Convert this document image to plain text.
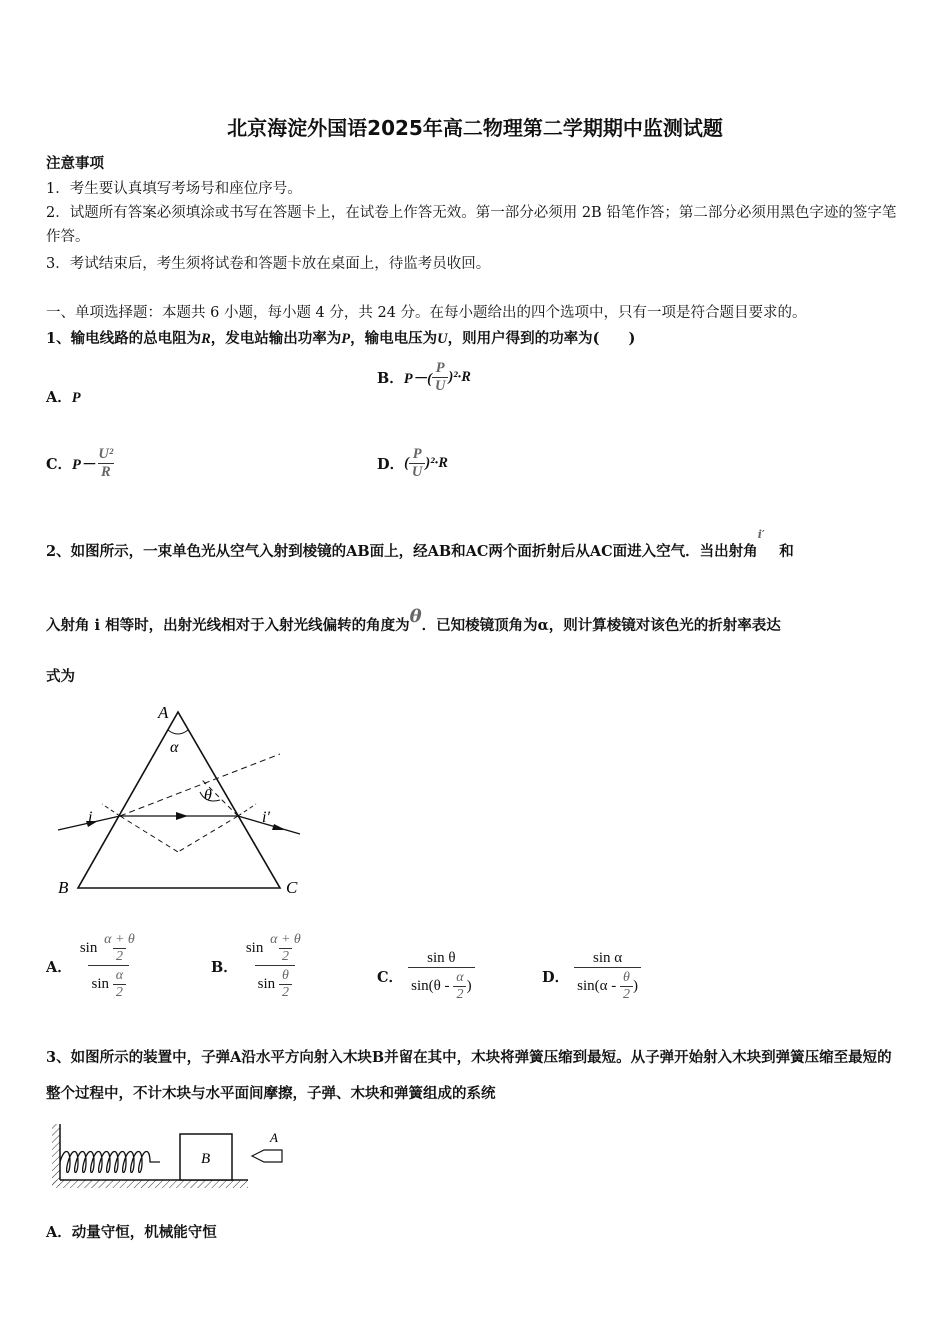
北京海淀外国语2025年高二物理第二学期期中监测试题
注意事项
1．考生要认真填写考场号和座位序号。
2．试题所有答案必须填涂或书写在答题卡上，在试卷上作答无效。第一部分必须用 2B 铅笔作答；第二部分必须用黑色字迹的签字笔作答。
3．考试结束后，考生须将试卷和答题卡放在桌面上，待监考员收回。
一、单项选择题：本题共 6 小题，每小题 4 分，共 24 分。在每小题给出的四个选项中，只有一项是符合题目要求的。
1、输电线路的总电阻为R，发电站输出功率为P，输电电压为U，则用户得到的功率为(　　)
A．P
B．$P-( \frac{P}{U} )^2\cdot R$
C．$P- \frac{\text{U²}}{R}$	D．( $\frac{P}{U} )^2\cdot R$
2、如图所示，一束单色光从空气入射到棱镜的AB面上，经AB和AC两个面折射后从AC面进入空气．当出射角$^{i'}$　和
入射角 i 相等时，出射光线相对于入射光线偏转的角度为θ．已知棱镜顶角为α，则计算棱镜对该色光的折射率表达
式为
A
B	C
α
θ
i	i′
A． $\frac{\sin \frac{\alpha + \theta}{2}}{\sin \frac{\alpha}{2}}$	B． $\frac{\sin \frac{\alpha + \theta}{2}}{\sin \frac{\theta}{2}}$	C． $\frac{\text{sin θ}}{\sin(\theta - \frac{\alpha}{2} )}$	D． $\frac{\text{sin α}}{\sin(\alpha - \frac{\theta}{2} )}$
3、如图所示的装置中，子弹A沿水平方向射入木块B并留在其中，木块将弹簧压缩到最短。从子弹开始射入木块到弹簧压缩至最短的整个过程中，不计木块与水平面间摩擦，子弹、木块和弹簧组成的系统
B
A
A．动量守恒，机械能守恒
